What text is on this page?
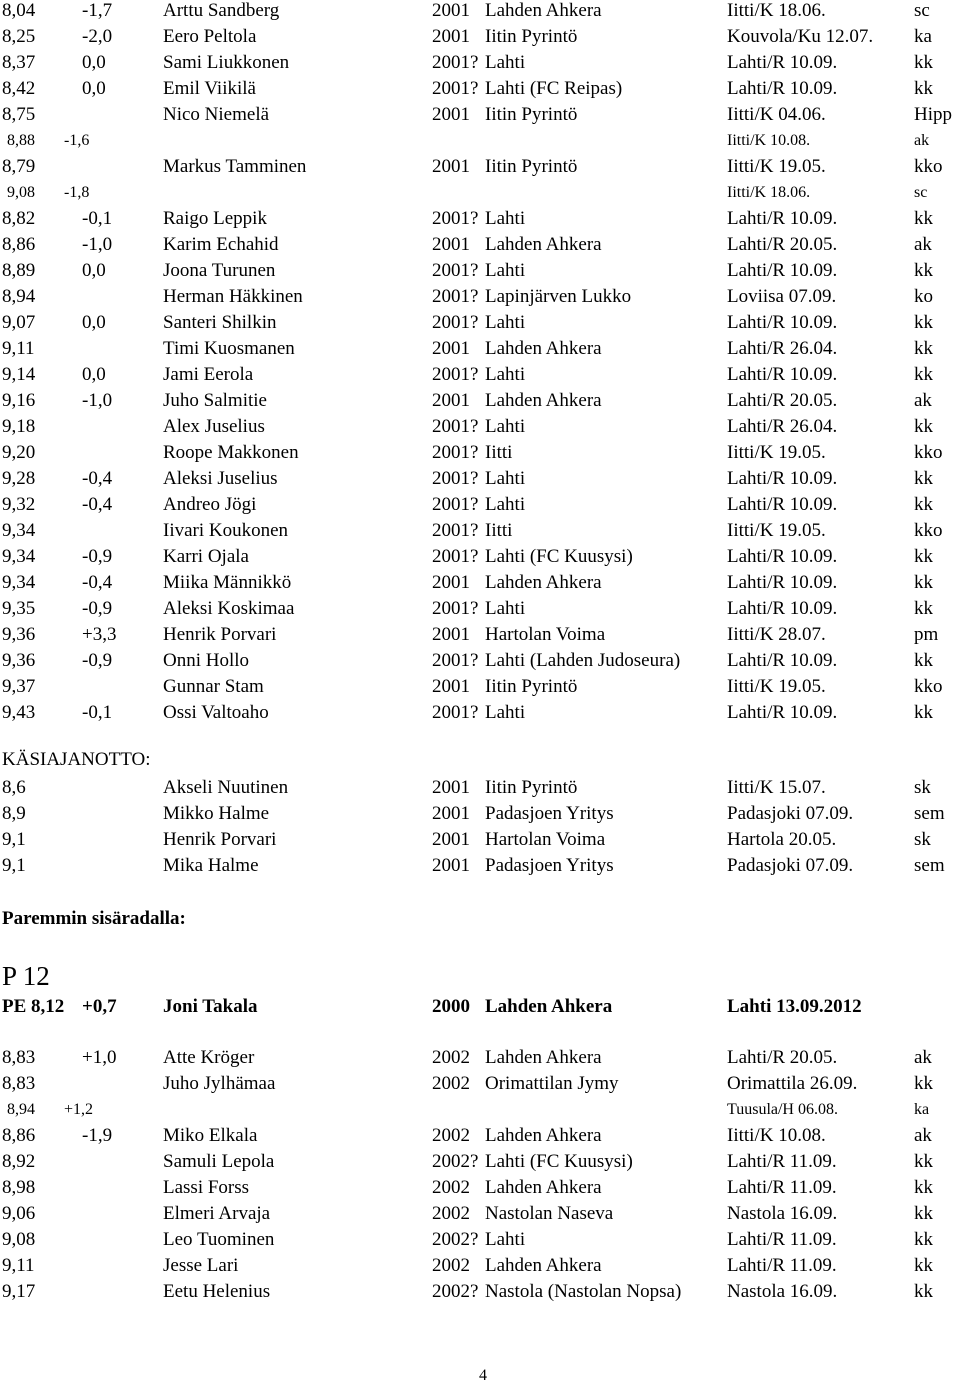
8,04 -1,7	Arttu Sandberg	2001 Lahden Ahkera	Iitti/K 18.06.	sc
8,25 -2,0	Eero Peltola	2001 Iitin Pyrintö	Kouvola/Ku 12.07. ka
8,37 0,0	Sami Liukkonen	2001? Lahti	Lahti/R 10.09.	kk
8,42 0,0	Emil Viikilä	2001? Lahti (FC Reipas)	Lahti/R 10.09.	kk
8,75	Nico Niemelä	2001 Iitin Pyrintö	Iitti/K 04.06.	Hipp
8,88 -1,6	Iitti/K 10.08.	ak
8,79	Markus Tamminen	2001 Iitin Pyrintö	Iitti/K 19.05.	kko
9,08 -1,8	Iitti/K 18.06.	sc
8,82 -0,1	Raigo Leppik	2001? Lahti	Lahti/R 10.09.	kk
8,86 -1,0	Karim Echahid	2001 Lahden Ahkera	Lahti/R 20.05.	ak
8,89 0,0	Joona Turunen	2001? Lahti	Lahti/R 10.09.	kk
8,94	Herman Häkkinen	2001? Lapinjärven Lukko	Loviisa 07.09.	ko
9,07 0,0	Santeri Shilkin	2001? Lahti	Lahti/R 10.09.	kk
9,11	Timi Kuosmanen	2001 Lahden Ahkera	Lahti/R 26.04.	kk
9,14 0,0	Jami Eerola	2001? Lahti	Lahti/R 10.09.	kk
9,16 -1,0	Juho Salmitie	2001 Lahden Ahkera	Lahti/R 20.05.	ak
9,18	Alex Juselius	2001? Lahti	Lahti/R 26.04.	kk
9,20	Roope Makkonen	2001? Iitti	Iitti/K 19.05.	kko
9,28 -0,4	Aleksi Juselius	2001? Lahti	Lahti/R 10.09.	kk
9,32 -0,4	Andreo Jögi	2001? Lahti	Lahti/R 10.09.	kk
9,34	Iivari Koukonen	2001? Iitti	Iitti/K 19.05.	kko
9,34 -0,9	Karri Ojala	2001? Lahti (FC Kuusysi)	Lahti/R 10.09.	kk
9,34 -0,4	Miika Männikkö	2001 Lahden Ahkera	Lahti/R 10.09.	kk
9,35 -0,9	Aleksi Koskimaa	2001? Lahti	Lahti/R 10.09.	kk
9,36 +3,3 Henrik Porvari	2001 Hartolan Voima	Iitti/K 28.07.	pm
9,36 -0,9	Onni Hollo	2001? Lahti (Lahden Judoseura) Lahti/R 10.09.	kk
9,37	Gunnar Stam	2001 Iitin Pyrintö	Iitti/K 19.05.	kko
9,43 -0,1	Ossi Valtoaho	2001? Lahti	Lahti/R 10.09.	kk
KÄSIAJANOTTO:
8,6	Akseli Nuutinen	2001 Iitin Pyrintö	Iitti/K 15.07.	sk
8,9	Mikko Halme	2001 Padasjoen Yritys	Padasjoki 07.09.	sem
9,1	Henrik Porvari	2001 Hartolan Voima	Hartola 20.05.	sk
9,1	Mika Halme	2001 Padasjoen Yritys	Padasjoki 07.09.	sem
Paremmin sisäradalla:
P 12
PE 8,12 +0,7 Joni Takala	2000 Lahden Ahkera	Lahti 13.09.2012
8,83 +1,0 Atte Kröger	2002 Lahden Ahkera	Lahti/R 20.05.	ak
8,83	Juho Jylhämaa	2002 Orimattilan Jymy	Orimattila 26.09.	kk
8,94 +1,2	Tuusula/H 06.08.	ka
8,86 -1,9	Miko Elkala	2002 Lahden Ahkera	Iitti/K 10.08.	ak
8,92	Samuli Lepola	2002? Lahti (FC Kuusysi)	Lahti/R 11.09.	kk
8,98	Lassi Forss	2002 Lahden Ahkera	Lahti/R 11.09.	kk
9,06	Elmeri Arvaja	2002 Nastolan Naseva	Nastola 16.09.	kk
9,08	Leo Tuominen	2002? Lahti	Lahti/R 11.09.	kk
9,11	Jesse Lari	2002 Lahden Ahkera	Lahti/R 11.09.	kk
9,17	Eetu Helenius	2002? Nastola (Nastolan Nopsa) Nastola 16.09.	kk
4
